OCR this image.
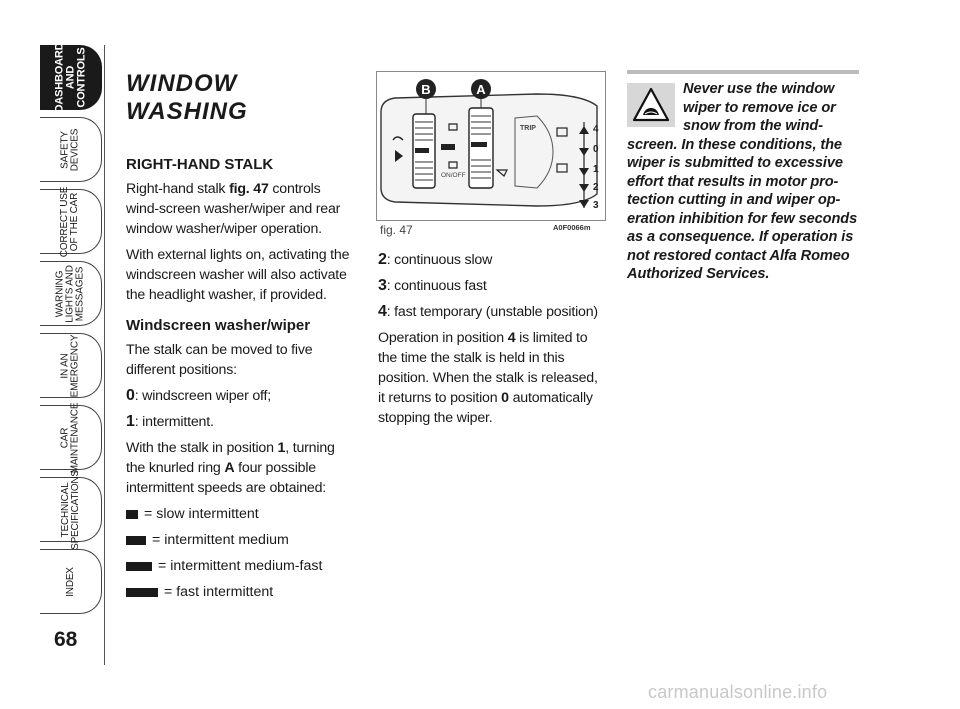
DASHBOARD
AND
CONTROLS
SAFETY
DEVICES
CORRECT USE
OF THE CAR
WARNING
LIGHTS AND
MESSAGES
IN AN
EMERGENCY
CAR
MAINTENANCE
TECHNICAL
SPECIFICATIONS
INDEX
68
WINDOW WASHING
RIGHT-HAND STALK

Right-hand stalk fig. 47 controls wind-screen washer/wiper and rear window washer/wiper operation.

With external lights on, activating the windscreen washer will also activate the headlight washer, if provided.

Windscreen washer/wiper

The stalk can be moved to five different positions:

0: windscreen wiper off;

1: intermittent.

With the stalk in position 1, turning the knurled ring A four possible intermittent speeds are obtained:

= slow intermittent
= intermittent medium
= intermittent medium-fast
= fast intermittent
ON/OFF
TRIP	4
0
1
2
3
B	A
fig. 47	A0F0066m

2: continuous slow

3: continuous fast

4: fast temporary (unstable position)

Operation in position 4 is limited to the time the stalk is held in this position. When the stalk is released, it returns to position 0 automatically stopping the wiper.

Never use the window wiper to remove ice or snow from the wind-screen. In these conditions, the wiper is submitted to excessive effort that results in motor pro-tection cutting in and wiper op-eration inhibition for few seconds as a consequence. If operation is not restored contact Alfa Romeo Authorized Services.
carmanualsonline.info
